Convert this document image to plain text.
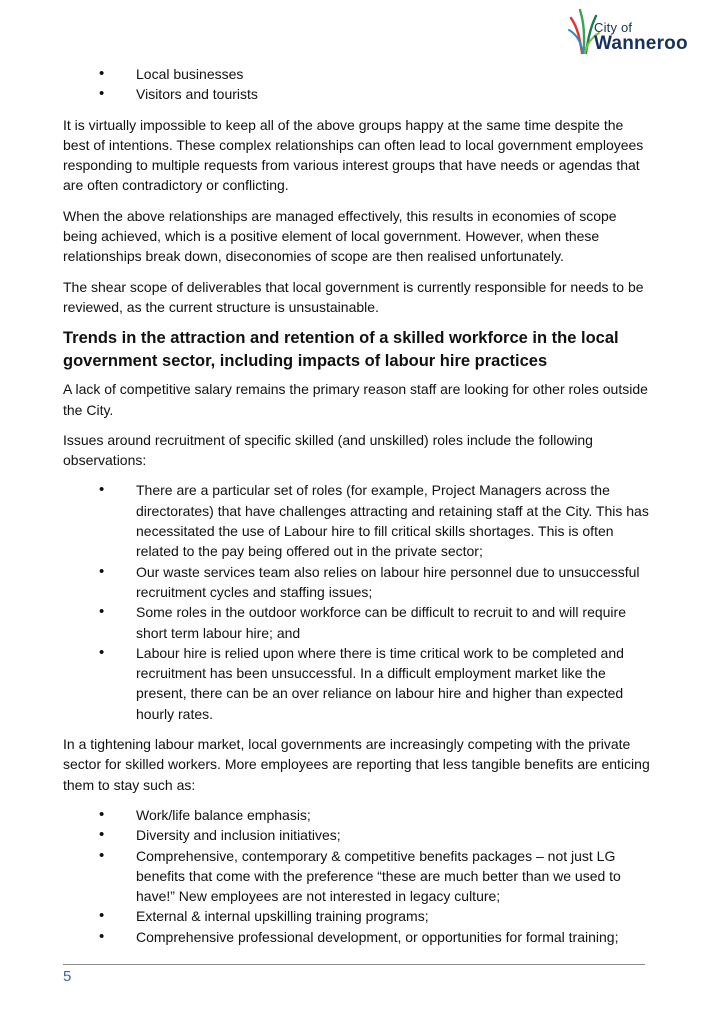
City of
Wanneroo
• Local businesses
• Visitors and tourists

It is virtually impossible to keep all of the above groups happy at the same time despite the best of intentions. These complex relationships can often lead to local government employees responding to multiple requests from various interest groups that have needs or agendas that are often contradictory or conflicting.

When the above relationships are managed effectively, this results in economies of scope being achieved, which is a positive element of local government. However, when these relationships break down, diseconomies of scope are then realised unfortunately.

The shear scope of deliverables that local government is currently responsible for needs to be reviewed, as the current structure is unsustainable.

Trends in the attraction and retention of a skilled workforce in the local government sector, including impacts of labour hire practices

A lack of competitive salary remains the primary reason staff are looking for other roles outside the City.

Issues around recruitment of specific skilled (and unskilled) roles include the following observations:

• There are a particular set of roles (for example, Project Managers across the directorates) that have challenges attracting and retaining staff at the City. This has necessitated the use of Labour hire to fill critical skills shortages. This is often related to the pay being offered out in the private sector;
• Our waste services team also relies on labour hire personnel due to unsuccessful recruitment cycles and staffing issues;
• Some roles in the outdoor workforce can be difficult to recruit to and will require short term labour hire; and
• Labour hire is relied upon where there is time critical work to be completed and recruitment has been unsuccessful. In a difficult employment market like the present, there can be an over reliance on labour hire and higher than expected hourly rates.

In a tightening labour market, local governments are increasingly competing with the private sector for skilled workers. More employees are reporting that less tangible benefits are enticing them to stay such as:

• Work/life balance emphasis;
• Diversity and inclusion initiatives;
• Comprehensive, contemporary & competitive benefits packages – not just LG benefits that come with the preference “these are much better than we used to have!” New employees are not interested in legacy culture;
• External & internal upskilling training programs;
• Comprehensive professional development, or opportunities for formal training;
5
